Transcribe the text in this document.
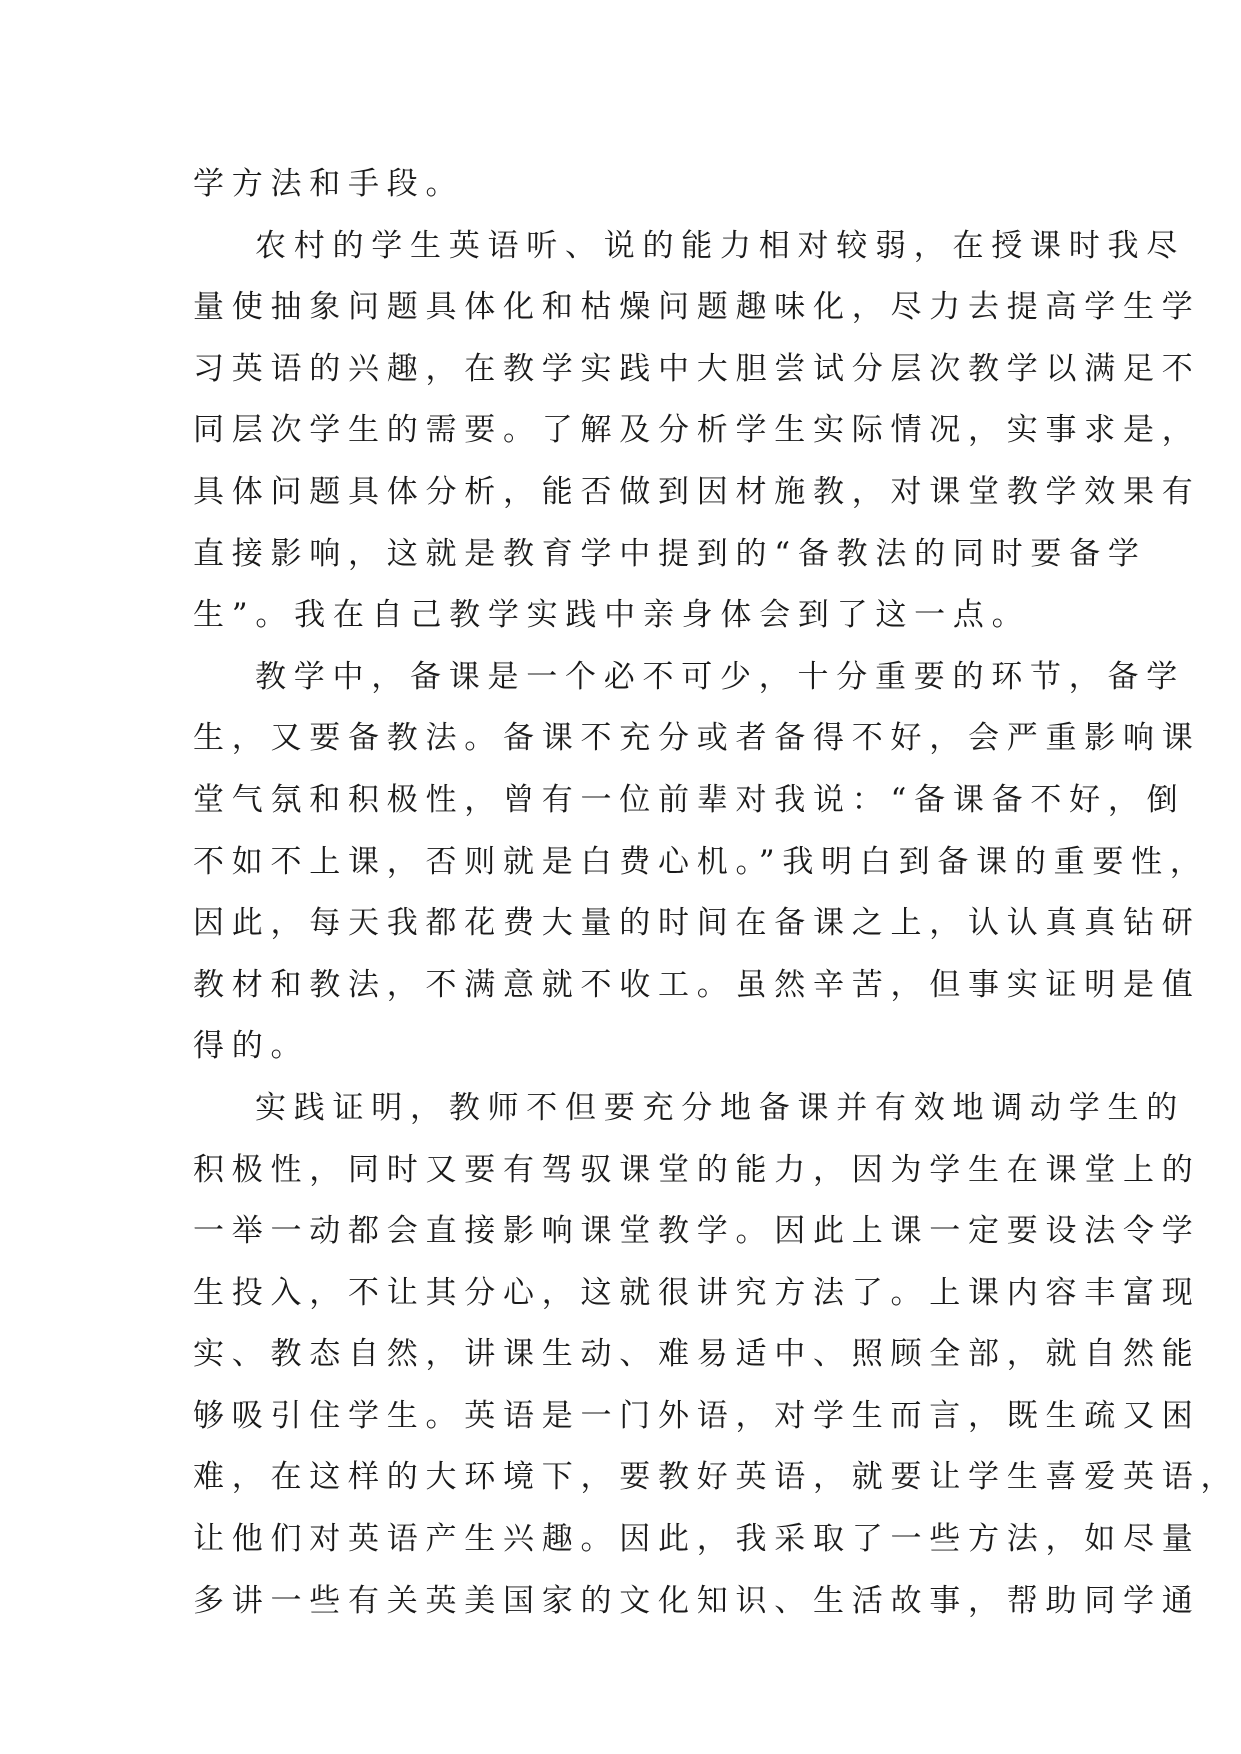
学方法和手段。
农村的学生英语听、说的能力相对较弱，在授课时我尽
量使抽象问题具体化和枯燥问题趣味化，尽力去提高学生学
习英语的兴趣，在教学实践中大胆尝试分层次教学以满足不
同层次学生的需要。了解及分析学生实际情况，实事求是，
具体问题具体分析，能否做到因材施教，对课堂教学效果有
直接影响，这就是教育学中提到的“备教法的同时要备学
生”。我在自己教学实践中亲身体会到了这一点。
教学中，备课是一个必不可少，十分重要的环节，备学
生，又要备教法。备课不充分或者备得不好，会严重影响课
堂气氛和积极性，曾有一位前辈对我说：“备课备不好，倒
不如不上课，否则就是白费心机。”我明白到备课的重要性，
因此，每天我都花费大量的时间在备课之上，认认真真钻研
教材和教法，不满意就不收工。虽然辛苦，但事实证明是值
得的。
实践证明，教师不但要充分地备课并有效地调动学生的
积极性，同时又要有驾驭课堂的能力，因为学生在课堂上的
一举一动都会直接影响课堂教学。因此上课一定要设法令学
生投入，不让其分心，这就很讲究方法了。上课内容丰富现
实、教态自然，讲课生动、难易适中、照顾全部，就自然能
够吸引住学生。英语是一门外语，对学生而言，既生疏又困
难，在这样的大环境下，要教好英语，就要让学生喜爱英语，
让他们对英语产生兴趣。因此，我采取了一些方法，如尽量
多讲一些有关英美国家的文化知识、生活故事，帮助同学通
